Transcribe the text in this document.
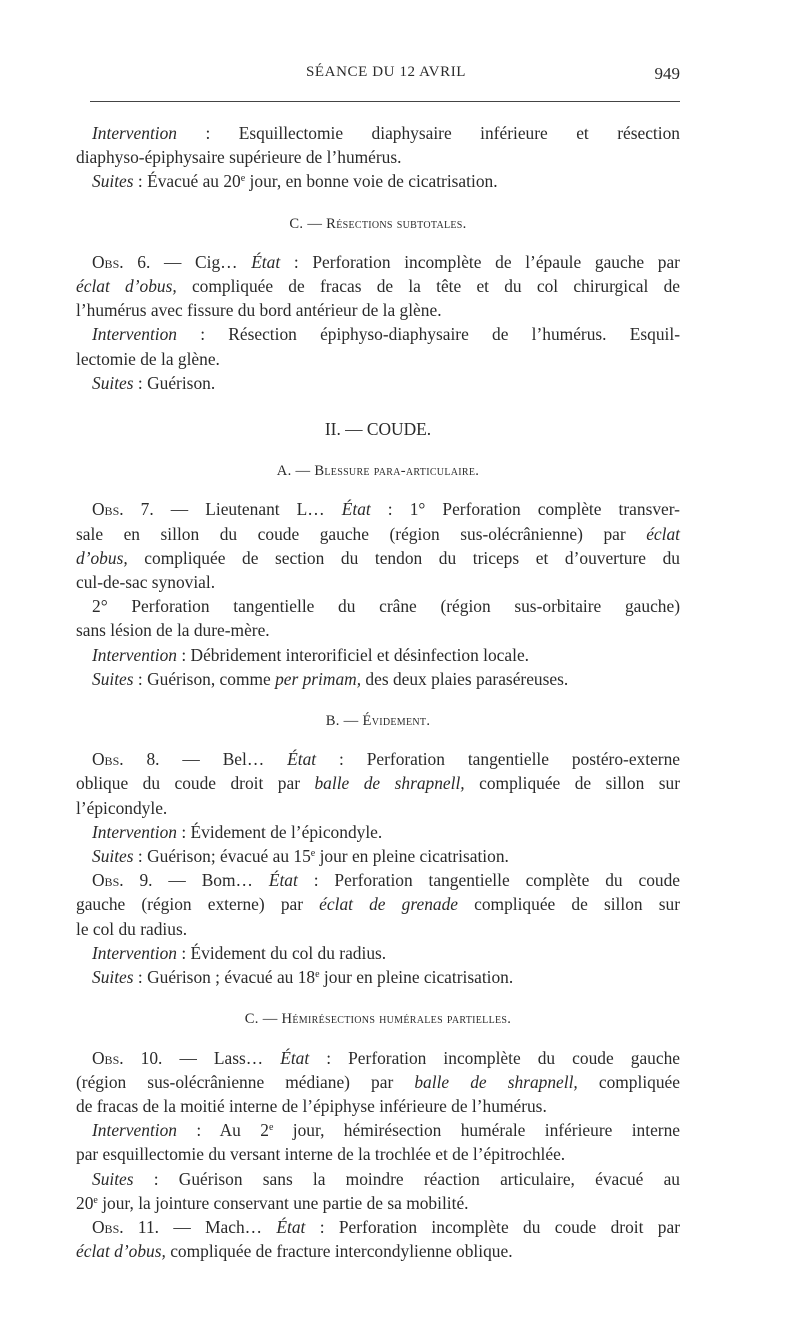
SÉANCE DU 12 AVRIL	949

Intervention : Esquillectomie diaphysaire inférieure et résection

diaphyso-épiphysaire supérieure de l’humérus.

Suites : Évacué au 20e jour, en bonne voie de cicatrisation.

C. — Résections subtotales.

Obs. 6. — Cig… État : Perforation incomplète de l’épaule gauche par

éclat d’obus, compliquée de fracas de la tête et du col chirurgical de

l’humérus avec fissure du bord antérieur de la glène.

Intervention : Résection épiphyso-diaphysaire de l’humérus. Esquil-

lectomie de la glène.

Suites : Guérison.

II. — COUDE.

A. — Blessure para-articulaire.

Obs. 7. — Lieutenant L… État : 1° Perforation complète transver-

sale en sillon du coude gauche (région sus-olécrânienne) par éclat

d’obus, compliquée de section du tendon du triceps et d’ouverture du

cul-de-sac synovial.

2° Perforation tangentielle du crâne (région sus-orbitaire gauche)

sans lésion de la dure-mère.

Intervention : Débridement interorificiel et désinfection locale.

Suites : Guérison, comme per primam, des deux plaies paraséreuses.

B. — Évidement.

Obs. 8. — Bel… État : Perforation tangentielle postéro-externe

oblique du coude droit par balle de shrapnell, compliquée de sillon sur

l’épicondyle.

Intervention : Évidement de l’épicondyle.

Suites : Guérison; évacué au 15e jour en pleine cicatrisation.

Obs. 9. — Bom… État : Perforation tangentielle complète du coude

gauche (région externe) par éclat de grenade compliquée de sillon sur

le col du radius.

Intervention : Évidement du col du radius.

Suites : Guérison ; évacué au 18e jour en pleine cicatrisation.

C. — Hémirésections humérales partielles.

Obs. 10. — Lass… État : Perforation incomplète du coude gauche

(région sus-olécrânienne médiane) par balle de shrapnell, compliquée

de fracas de la moitié interne de l’épiphyse inférieure de l’humérus.

Intervention : Au 2e jour, hémirésection humérale inférieure interne

par esquillectomie du versant interne de la trochlée et de l’épitrochlée.

Suites : Guérison sans la moindre réaction articulaire, évacué au

20e jour, la jointure conservant une partie de sa mobilité.

Obs. 11. — Mach… État : Perforation incomplète du coude droit par

éclat d’obus, compliquée de fracture intercondylienne oblique.
